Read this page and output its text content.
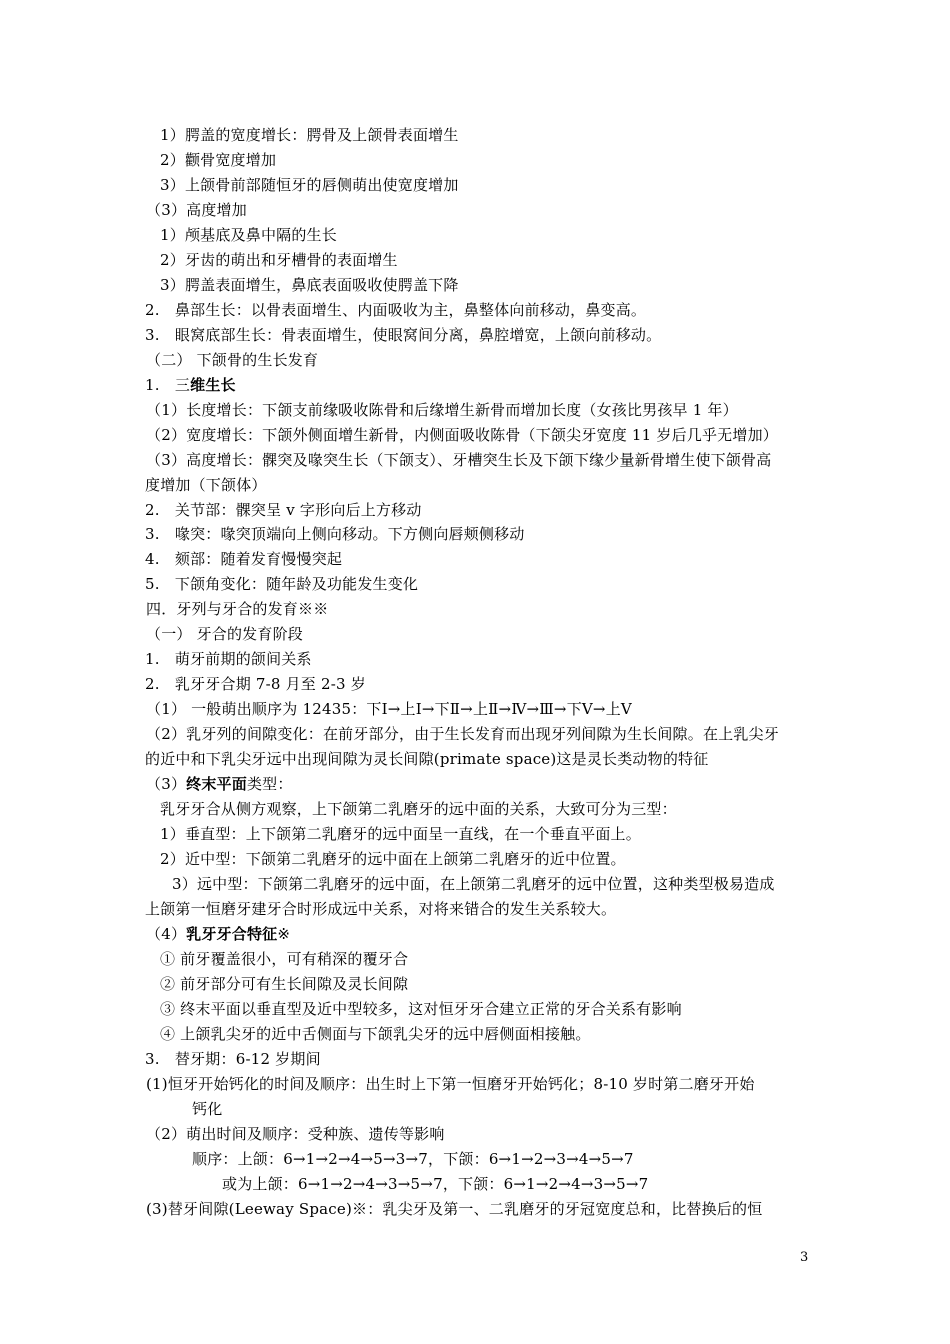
1）腭盖的宽度增长：腭骨及上颌骨表面增生
2）颧骨宽度增加
3）上颌骨前部随恒牙的唇侧萌出使宽度增加
（3）高度增加
1）颅基底及鼻中隔的生长
2）牙齿的萌出和牙槽骨的表面增生
3）腭盖表面增生，鼻底表面吸收使腭盖下降
2.　鼻部生长：以骨表面增生、内面吸收为主，鼻整体向前移动，鼻变高。
3.　眼窝底部生长：骨表面增生，使眼窝间分离，鼻腔增宽，上颌向前移动。
（二） 下颌骨的生长发育
1.　三维生长
（1）长度增长：下颌支前缘吸收陈骨和后缘增生新骨而增加长度（女孩比男孩早 1 年）
（2）宽度增长：下颌外侧面增生新骨，内侧面吸收陈骨（下颌尖牙宽度 11 岁后几乎无增加）
（3）高度增长：髁突及喙突生长（下颌支）、牙槽突生长及下颌下缘少量新骨增生使下颌骨高
度增加（下颌体）
2.　关节部：髁突呈 v 字形向后上方移动
3.　喙突：喙突顶端向上侧向移动。下方侧向唇颊侧移动
4.　颏部：随着发育慢慢突起
5.　下颌角变化：随年龄及功能发生变化
四．牙列与牙合的发育※※
（一） 牙合的发育阶段
1.　萌牙前期的颌间关系
2.　乳牙牙合期 7-8 月至 2-3 岁
（1） 一般萌出顺序为 12435：下Ⅰ→上Ⅰ→下Ⅱ→上Ⅱ→Ⅳ→Ⅲ→下Ⅴ→上Ⅴ
（2）乳牙列的间隙变化：在前牙部分，由于生长发育而出现牙列间隙为生长间隙。在上乳尖牙
的近中和下乳尖牙远中出现间隙为灵长间隙(primate space)这是灵长类动物的特征
（3）终末平面类型：
乳牙牙合从侧方观察，上下颌第二乳磨牙的远中面的关系，大致可分为三型：
1）垂直型：上下颌第二乳磨牙的远中面呈一直线，在一个垂直平面上。
2）近中型：下颌第二乳磨牙的远中面在上颌第二乳磨牙的近中位置。
3）远中型：下颌第二乳磨牙的远中面，在上颌第二乳磨牙的远中位置，这种类型极易造成
上颌第一恒磨牙建牙合时形成远中关系，对将来错合的发生关系较大。
（4）乳牙牙合特征※
① 前牙覆盖很小，可有稍深的覆牙合
② 前牙部分可有生长间隙及灵长间隙
③ 终末平面以垂直型及近中型较多，这对恒牙牙合建立正常的牙合关系有影响
④ 上颌乳尖牙的近中舌侧面与下颌乳尖牙的远中唇侧面相接触。
3.　替牙期：6-12 岁期间
(1)恒牙开始钙化的时间及顺序：出生时上下第一恒磨牙开始钙化；8-10 岁时第二磨牙开始
钙化
（2）萌出时间及顺序：受种族、遗传等影响
顺序：上颌：6→1→2→4→5→3→7，下颌：6→1→2→3→4→5→7
或为上颌：6→1→2→4→3→5→7，下颌：6→1→2→4→3→5→7
(3)替牙间隙(Leeway Space)※：乳尖牙及第一、二乳磨牙的牙冠宽度总和，比替换后的恒
3
